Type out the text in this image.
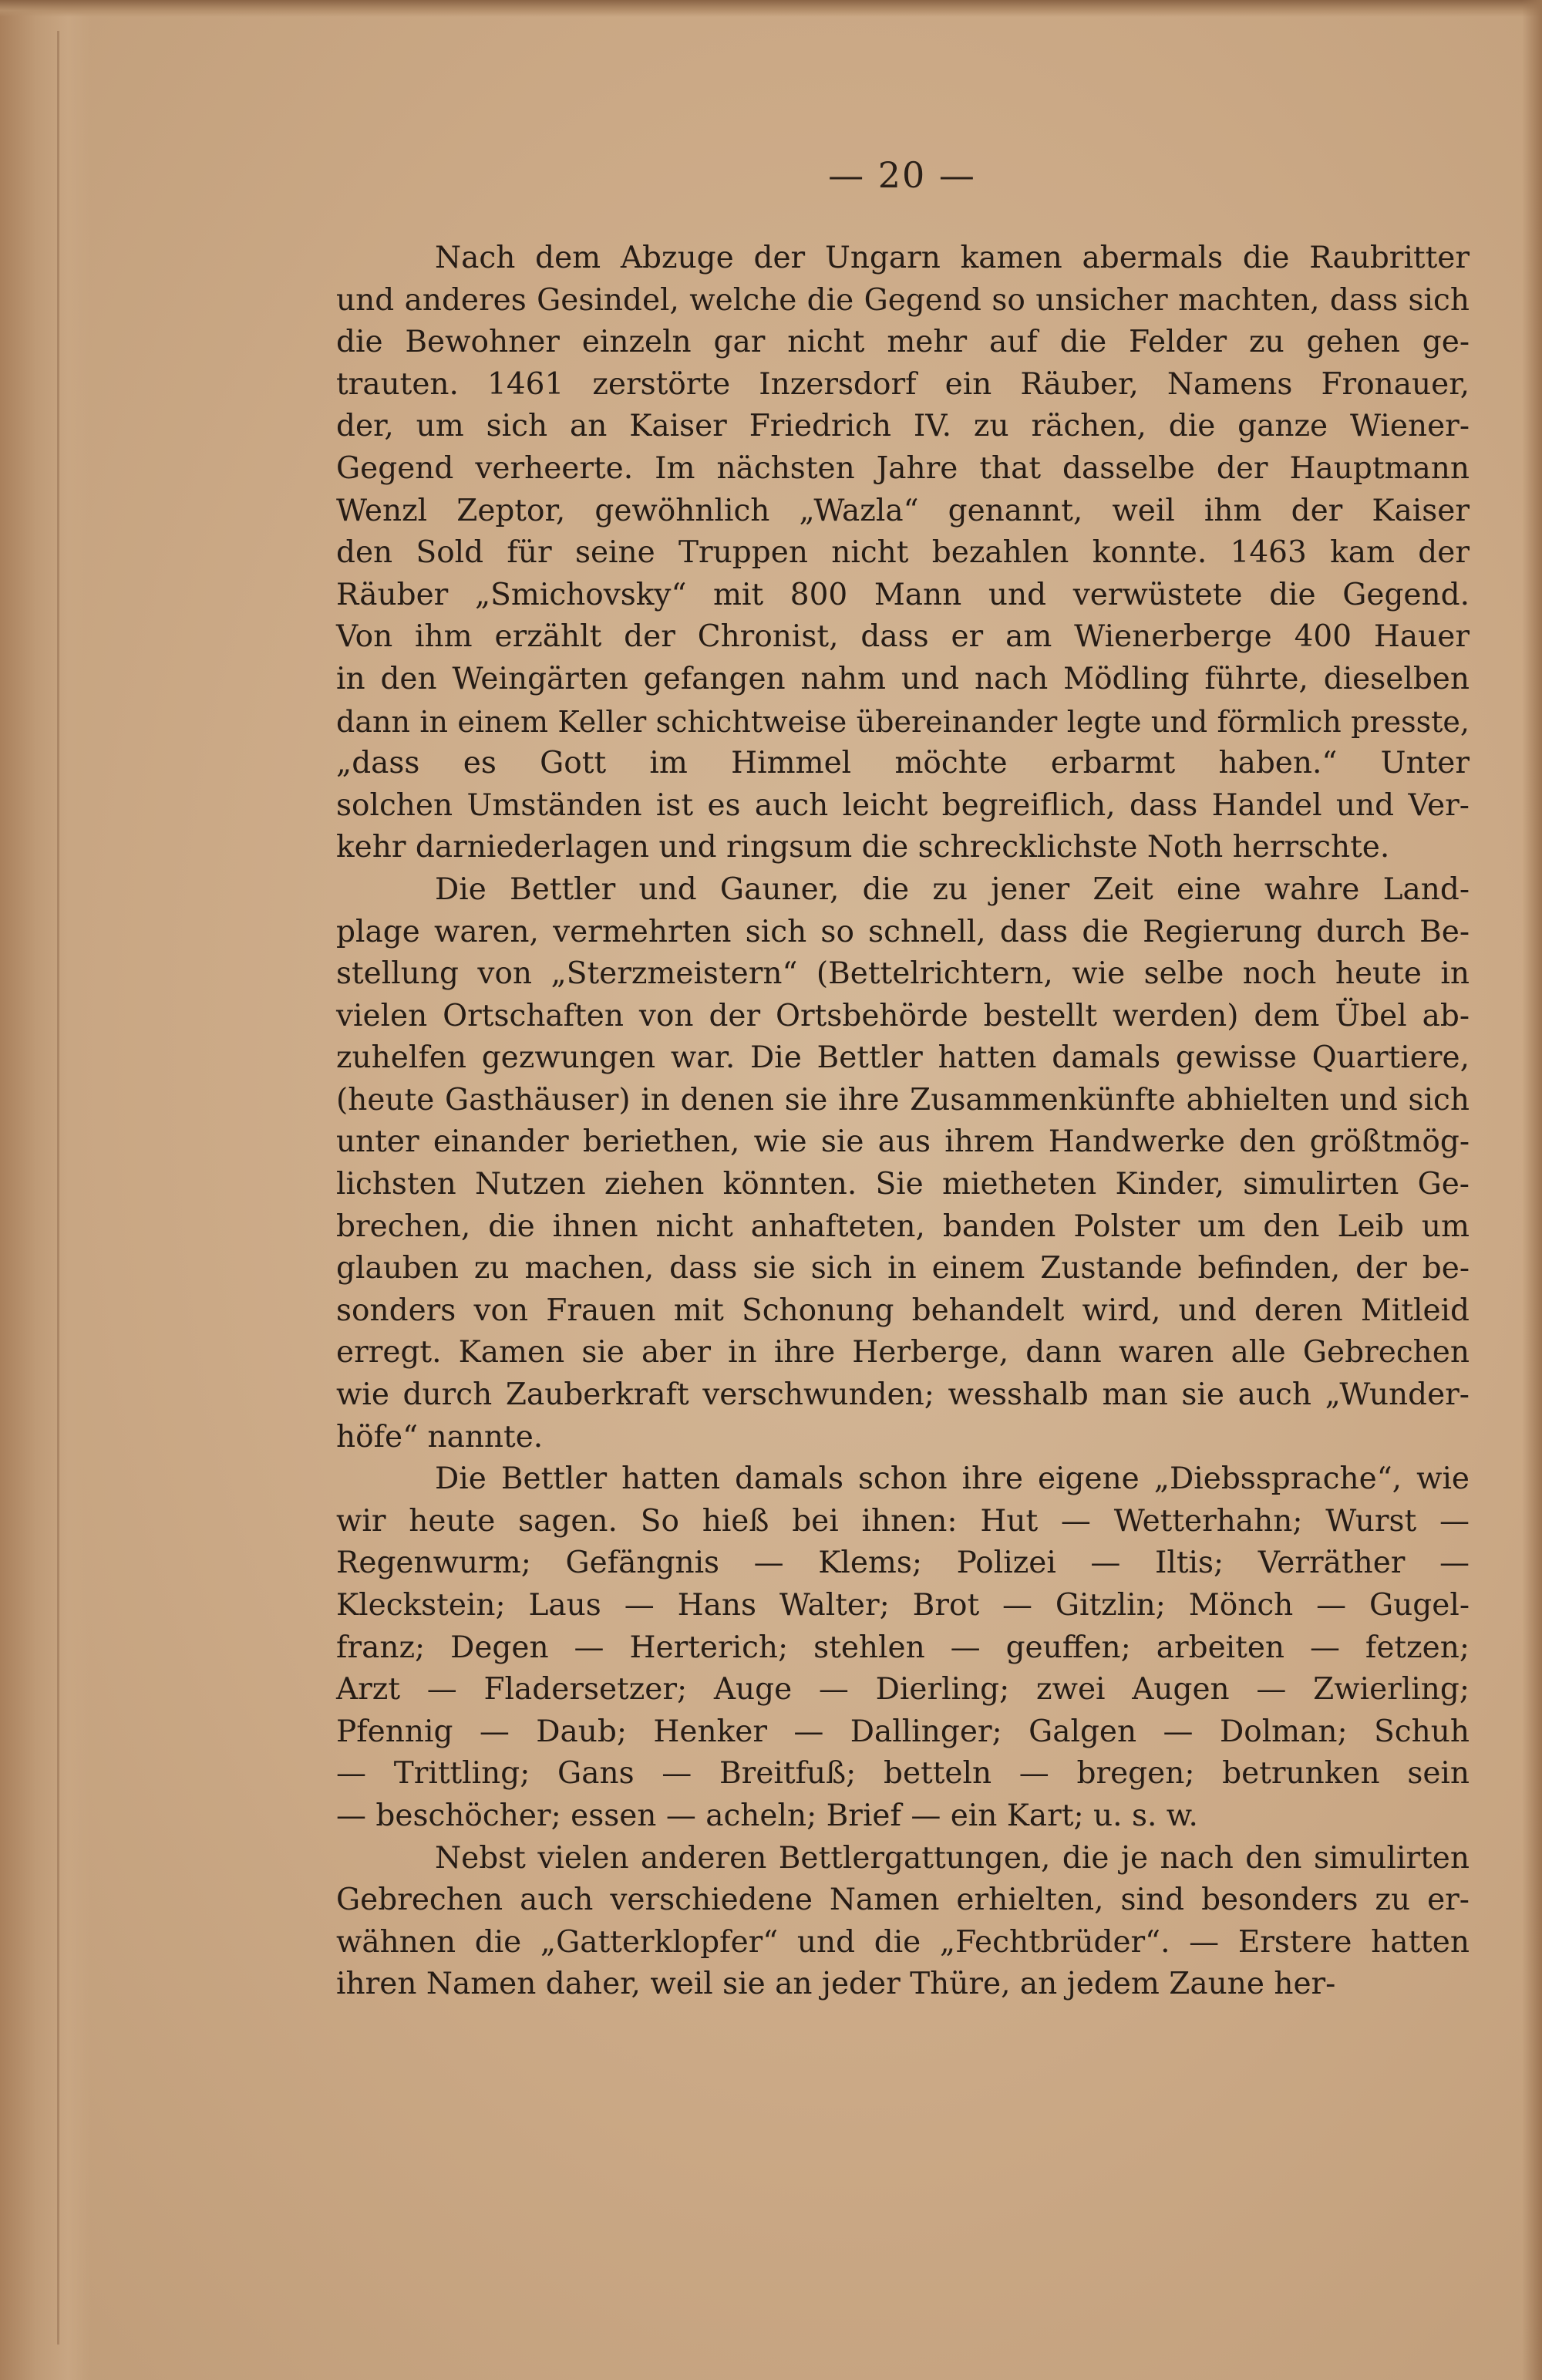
— 20 —
Nach dem Abzuge der Ungarn kamen abermals die Raubritter
und anderes Gesindel, welche die Gegend so unsicher machten, dass sich
die Bewohner einzeln gar nicht mehr auf die Felder zu gehen ge-
trauten. 1461 zerstörte Inzersdorf ein Räuber, Namens Fronauer,
der, um sich an Kaiser Friedrich IV. zu rächen, die ganze Wiener-
Gegend verheerte. Im nächsten Jahre that dasselbe der Hauptmann
Wenzl Zeptor, gewöhnlich „Wazla“ genannt, weil ihm der Kaiser
den Sold für seine Truppen nicht bezahlen konnte. 1463 kam der
Räuber „Smichovsky“ mit 800 Mann und verwüstete die Gegend.
Von ihm erzählt der Chronist, dass er am Wienerberge 400 Hauer
in den Weingärten gefangen nahm und nach Mödling führte, dieselben
dann in einem Keller schichtweise übereinander legte und förmlich presste,
„dass es Gott im Himmel möchte erbarmt haben.“ Unter
solchen Umständen ist es auch leicht begreiflich, dass Handel und Ver-
kehr darniederlagen und ringsum die schrecklichste Noth herrschte.
Die Bettler und Gauner, die zu jener Zeit eine wahre Land-
plage waren, vermehrten sich so schnell, dass die Regierung durch Be-
stellung von „Sterzmeistern“ (Bettelrichtern, wie selbe noch heute in
vielen Ortschaften von der Ortsbehörde bestellt werden) dem Übel ab-
zuhelfen gezwungen war. Die Bettler hatten damals gewisse Quartiere,
(heute Gasthäuser) in denen sie ihre Zusammenkünfte abhielten und sich
unter einander beriethen, wie sie aus ihrem Handwerke den größtmög-
lichsten Nutzen ziehen könnten. Sie mietheten Kinder, simulirten Ge-
brechen, die ihnen nicht anhafteten, banden Polster um den Leib um
glauben zu machen, dass sie sich in einem Zustande befinden, der be-
sonders von Frauen mit Schonung behandelt wird, und deren Mitleid
erregt. Kamen sie aber in ihre Herberge, dann waren alle Gebrechen
wie durch Zauberkraft verschwunden; wesshalb man sie auch „Wunder-
höfe“ nannte.
Die Bettler hatten damals schon ihre eigene „Diebssprache“, wie
wir heute sagen. So hieß bei ihnen: Hut — Wetterhahn; Wurst —
Regenwurm; Gefängnis — Klems; Polizei — Iltis; Verräther —
Kleckstein; Laus — Hans Walter; Brot — Gitzlin; Mönch — Gugel-
franz; Degen — Herterich; stehlen — geuffen; arbeiten — fetzen;
Arzt — Fladersetzer; Auge — Dierling; zwei Augen — Zwierling;
Pfennig — Daub; Henker — Dallinger; Galgen — Dolman; Schuh
— Trittling; Gans — Breitfuß; betteln — bregen; betrunken sein
— beschöcher; essen — acheln; Brief — ein Kart; u. s. w.
Nebst vielen anderen Bettlergattungen, die je nach den simulirten
Gebrechen auch verschiedene Namen erhielten, sind besonders zu er-
wähnen die „Gatterklopfer“ und die „Fechtbrüder“. — Erstere hatten
ihren Namen daher, weil sie an jeder Thüre, an jedem Zaune her-
